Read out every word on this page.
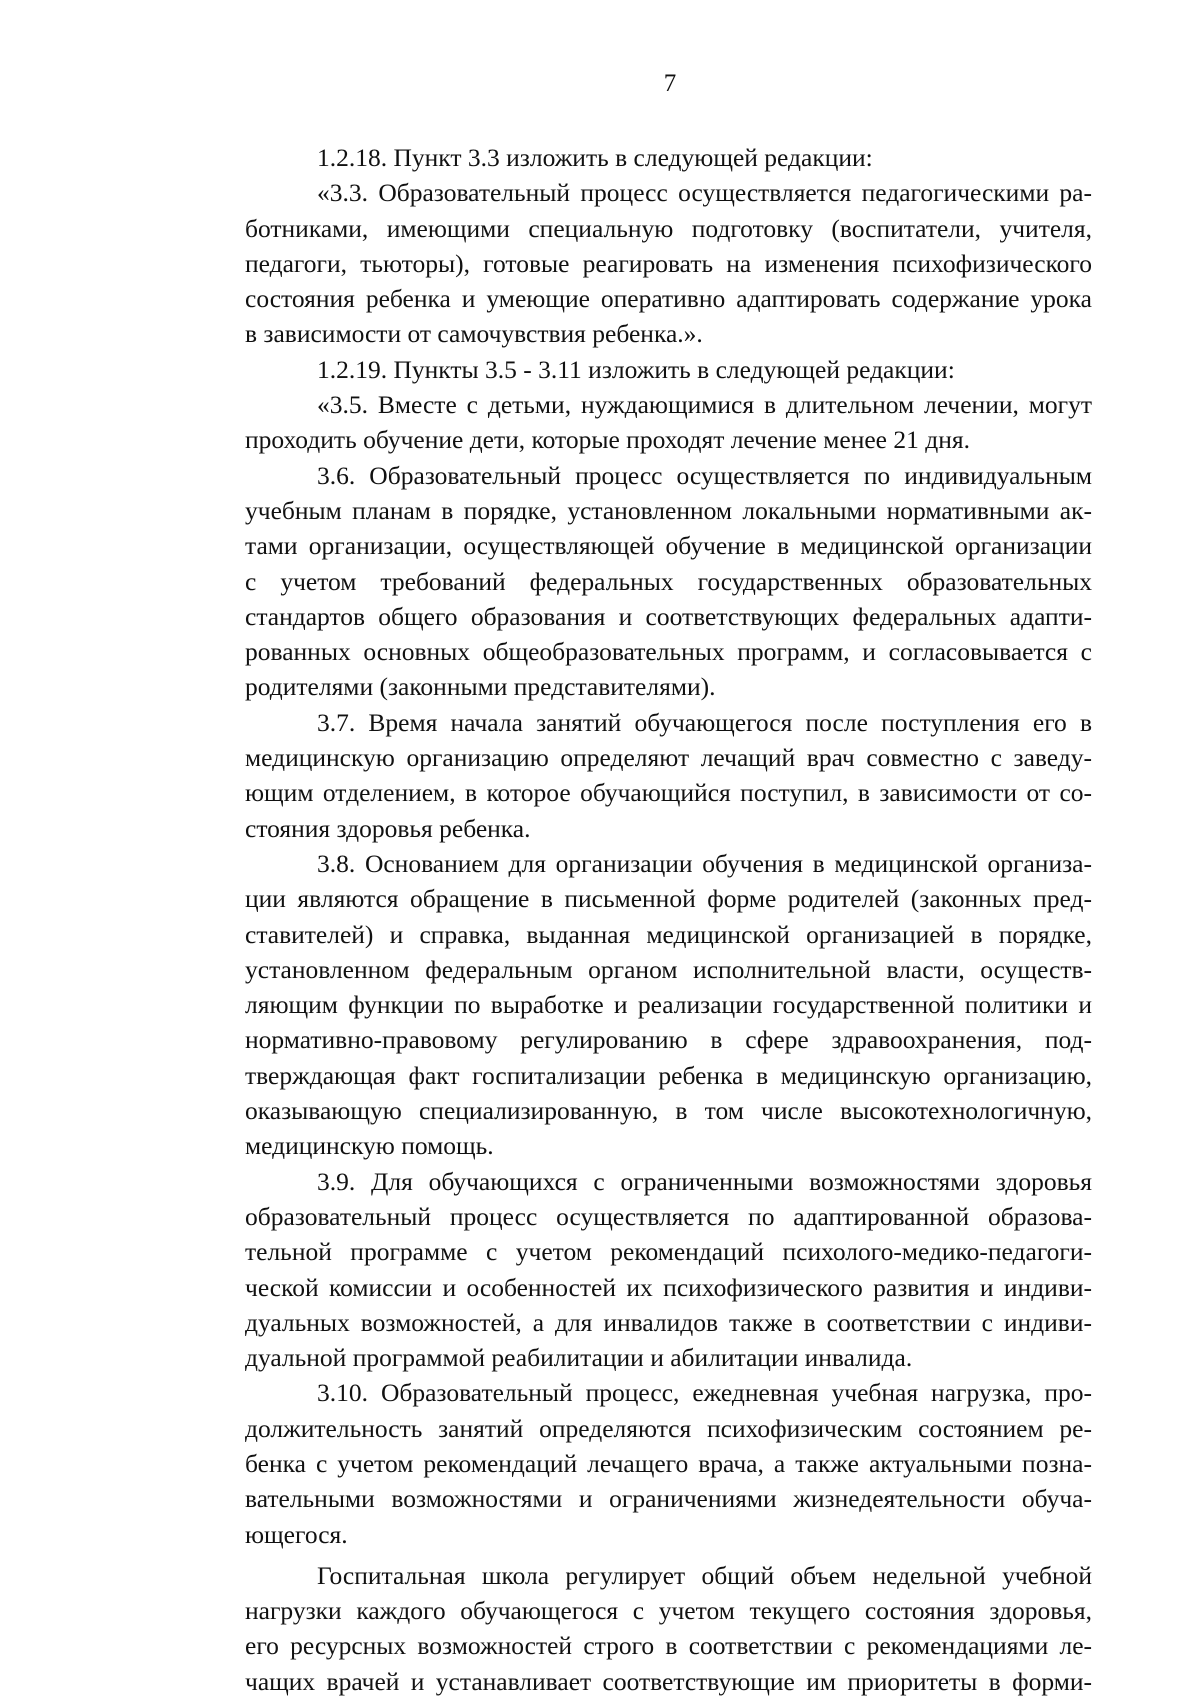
7
1.2.18. Пункт 3.3 изложить в следующей редакции:
«3.3. Образовательный процесс осуществляется педагогическими ра-
ботниками, имеющими специальную подготовку (воспитатели, учителя,
педагоги, тьюторы), готовые реагировать на изменения психофизического
состояния ребенка и умеющие оперативно адаптировать содержание урока
в зависимости от самочувствия ребенка.».
1.2.19. Пункты 3.5 - 3.11 изложить в следующей редакции:
«3.5. Вместе с детьми, нуждающимися в длительном лечении, могут
проходить обучение дети, которые проходят лечение менее 21 дня.
3.6. Образовательный процесс осуществляется по индивидуальным
учебным планам в порядке, установленном локальными нормативными ак-
тами организации, осуществляющей обучение в медицинской организации
с учетом требований федеральных государственных образовательных
стандартов общего образования и соответствующих федеральных адапти-
рованных основных общеобразовательных программ, и согласовывается с
родителями (законными представителями).
3.7. Время начала занятий обучающегося после поступления его в
медицинскую организацию определяют лечащий врач совместно с заведу-
ющим отделением, в которое обучающийся поступил, в зависимости от со-
стояния здоровья ребенка.
3.8. Основанием для организации обучения в медицинской организа-
ции являются обращение в письменной форме родителей (законных пред-
ставителей) и справка, выданная медицинской организацией в порядке,
установленном федеральным органом исполнительной власти, осуществ-
ляющим функции по выработке и реализации государственной политики и
нормативно-правовому регулированию в сфере здравоохранения, под-
тверждающая факт госпитализации ребенка в медицинскую организацию,
оказывающую специализированную, в том числе высокотехнологичную,
медицинскую помощь.
3.9. Для обучающихся с ограниченными возможностями здоровья
образовательный процесс осуществляется по адаптированной образова-
тельной программе с учетом рекомендаций психолого-медико-педагоги-
ческой комиссии и особенностей их психофизического развития и индиви-
дуальных возможностей, а для инвалидов также в соответствии с индиви-
дуальной программой реабилитации и абилитации инвалида.
3.10. Образовательный процесс, ежедневная учебная нагрузка, про-
должительность занятий определяются психофизическим состоянием ре-
бенка с учетом рекомендаций лечащего врача, а также актуальными позна-
вательными возможностями и ограничениями жизнедеятельности обуча-
ющегося.
Госпитальная школа регулирует общий объем недельной учебной
нагрузки каждого обучающегося с учетом текущего состояния здоровья,
его ресурсных возможностей строго в соответствии с рекомендациями ле-
чащих врачей и устанавливает соответствующие им приоритеты в форми-
